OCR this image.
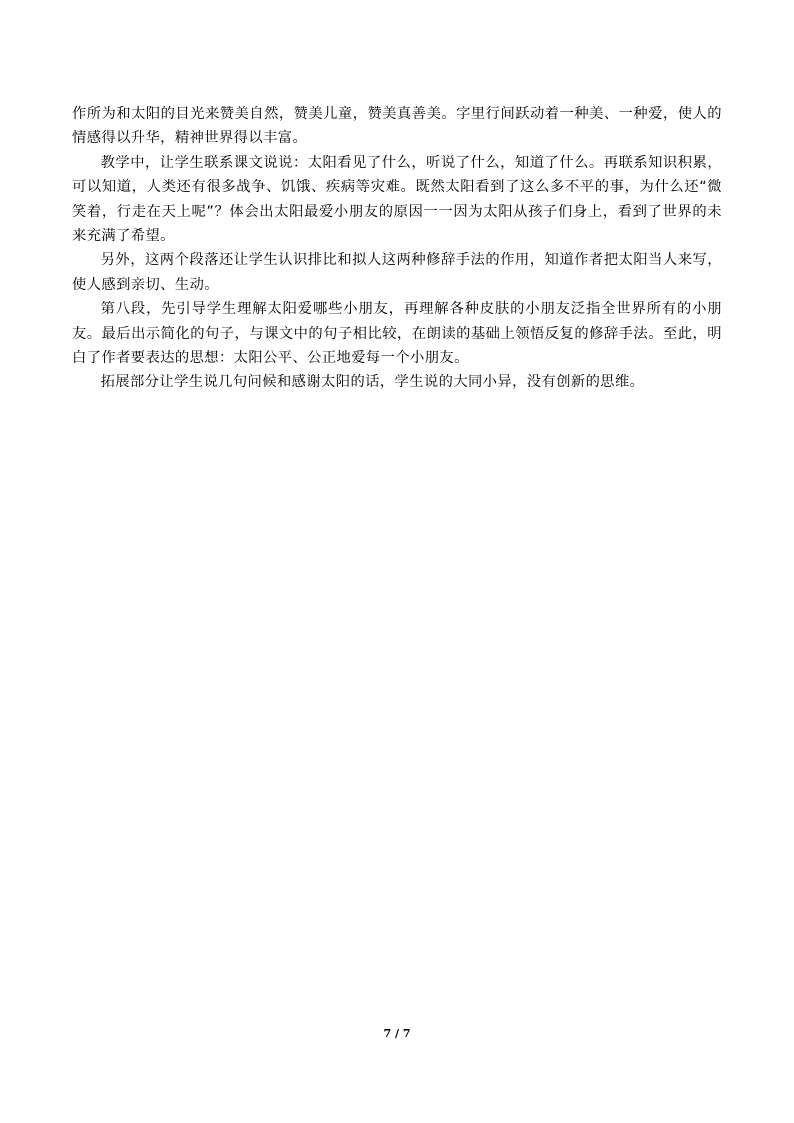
作所为和太阳的目光来赞美自然，赞美儿童，赞美真善美。字里行间跃动着一种美、一种爱，使人的情感得以升华，精神世界得以丰富。

教学中，让学生联系课文说说：太阳看见了什么，听说了什么，知道了什么。再联系知识积累，可以知道，人类还有很多战争、饥饿、疾病等灾难。既然太阳看到了这么多不平的事，为什么还“微笑着，行走在天上呢”？体会出太阳最爱小朋友的原因一一因为太阳从孩子们身上，看到了世界的未来充满了希望。

另外，这两个段落还让学生认识排比和拟人这两种修辞手法的作用，知道作者把太阳当人来写，使人感到亲切、生动。

第八段，先引导学生理解太阳爱哪些小朋友，再理解各种皮肤的小朋友泛指全世界所有的小朋友。最后出示简化的句子，与课文中的句子相比较，在朗读的基础上领悟反复的修辞手法。至此，明白了作者要表达的思想：太阳公平、公正地爱每一个小朋友。

拓展部分让学生说几句问候和感谢太阳的话，学生说的大同小异，没有创新的思维。

7 / 7
